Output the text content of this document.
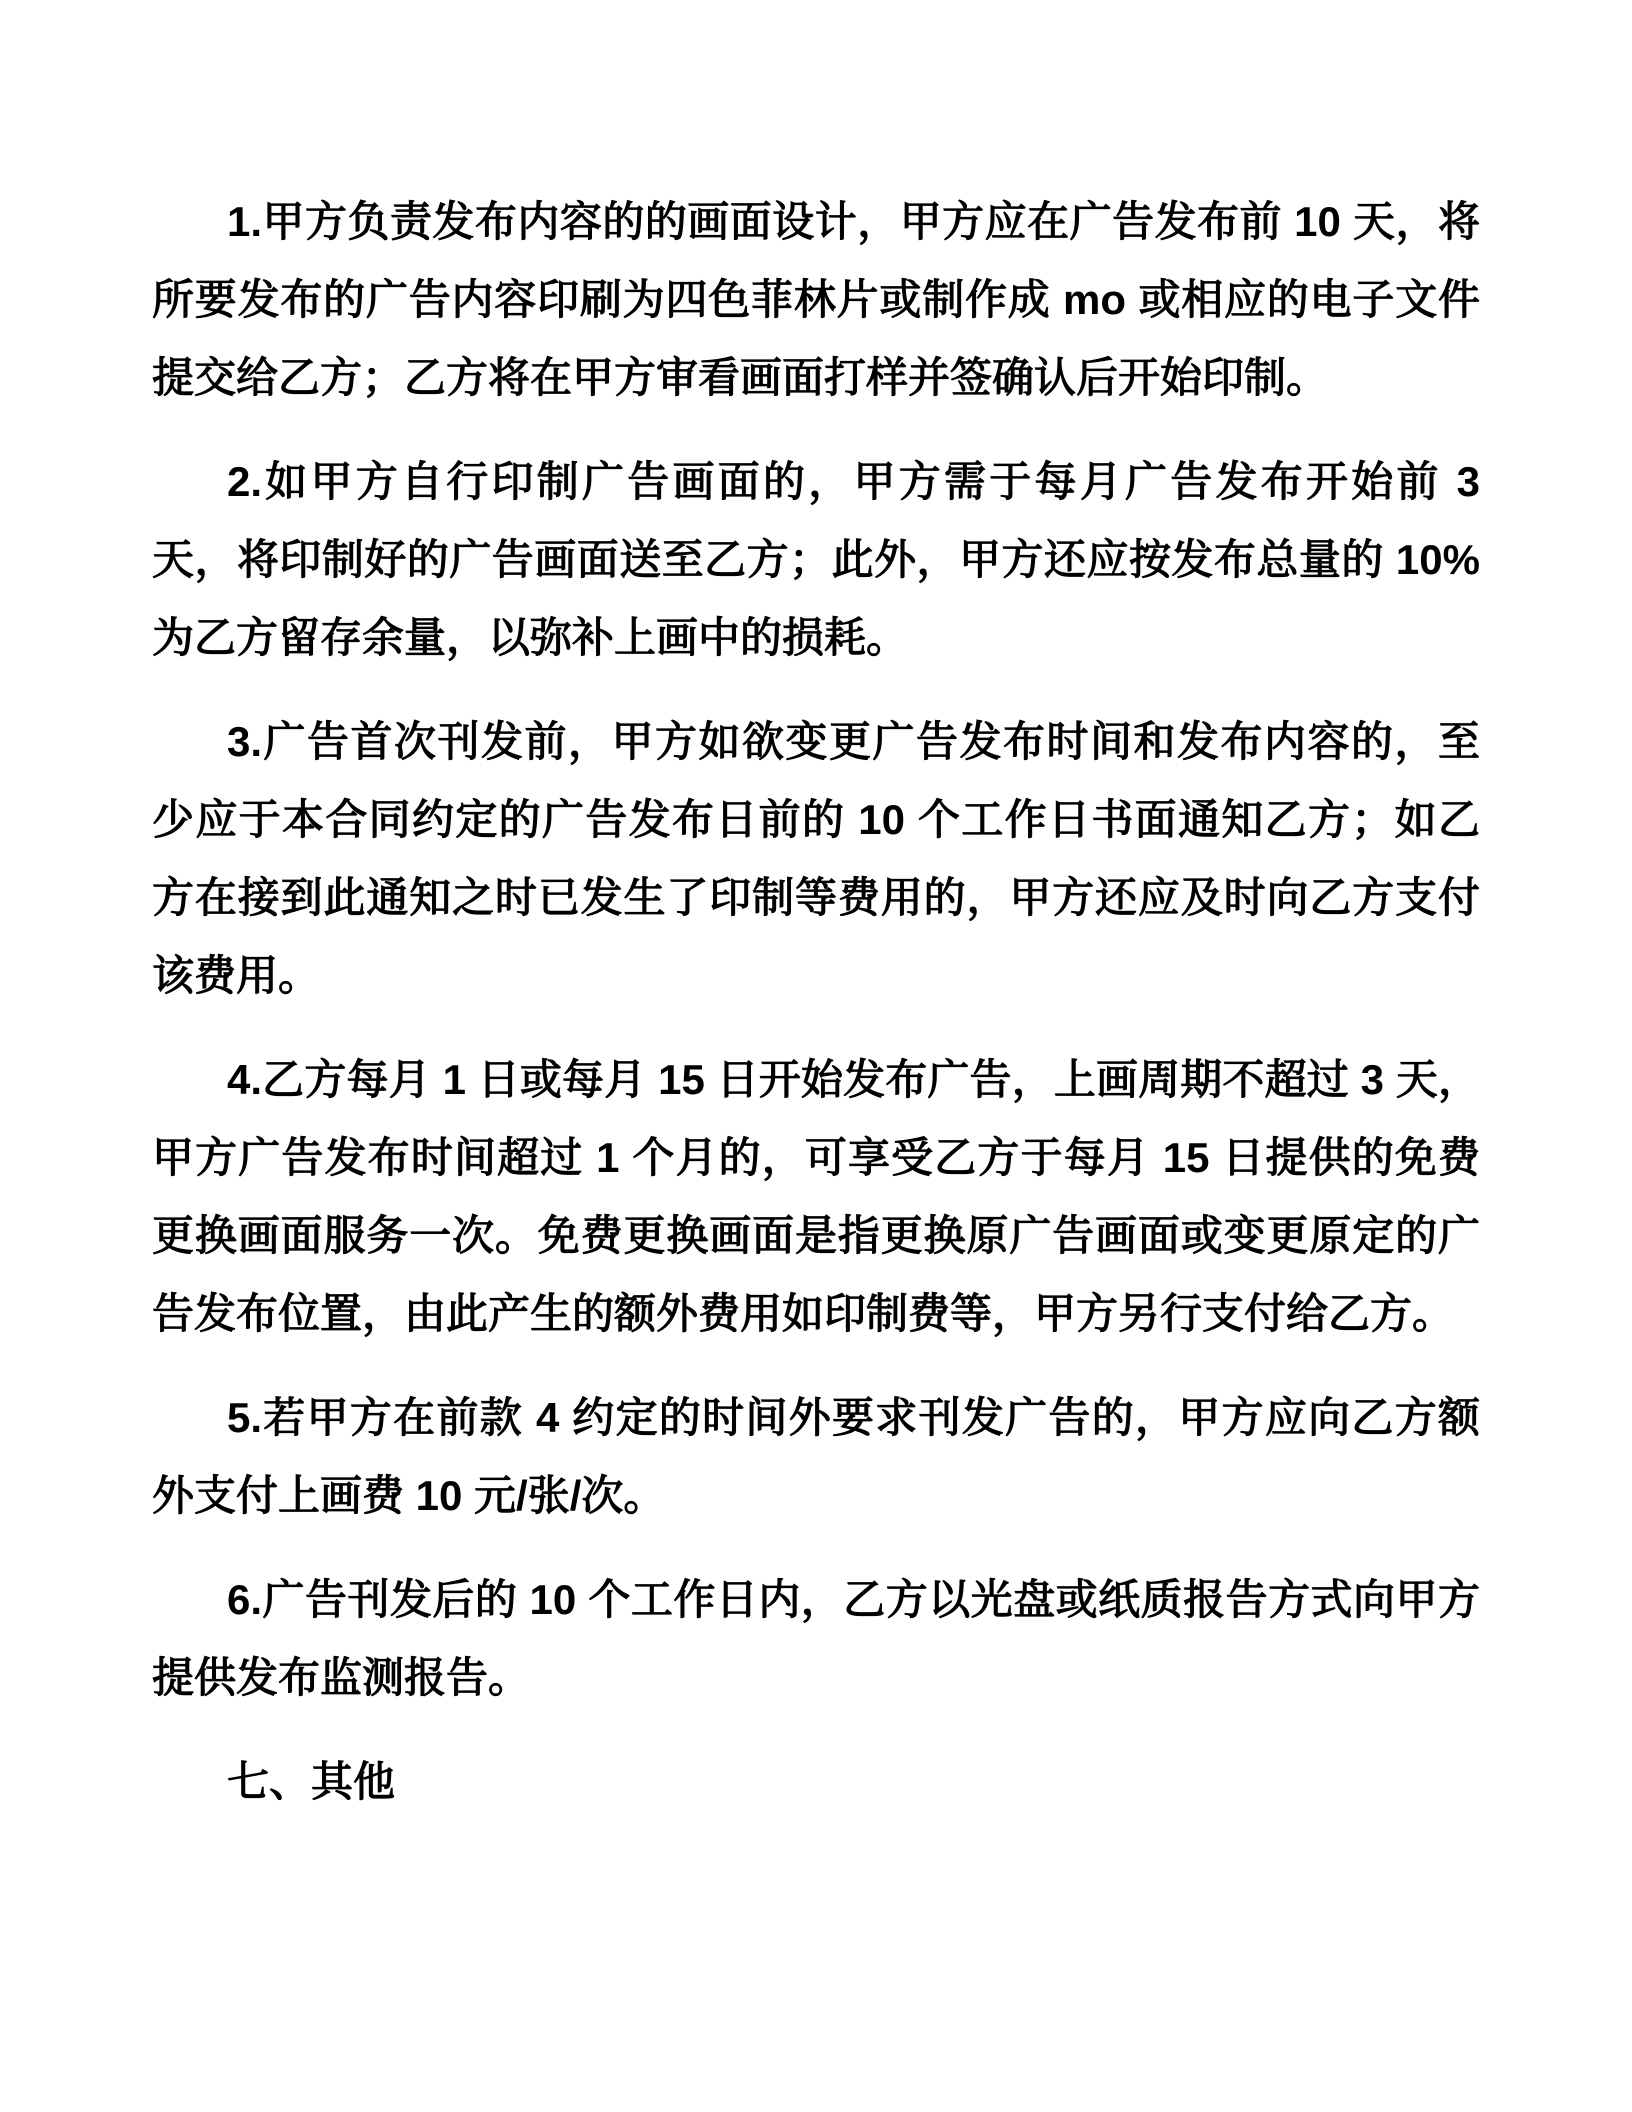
1.甲方负责发布内容的的画面设计，甲方应在广告发布前 10 天，将所要发布的广告内容印刷为四色菲林片或制作成 mo 或相应的电子文件提交给乙方；乙方将在甲方审看画面打样并签确认后开始印制。

2.如甲方自行印制广告画面的，甲方需于每月广告发布开始前 3 天，将印制好的广告画面送至乙方；此外，甲方还应按发布总量的 10%为乙方留存余量，以弥补上画中的损耗。

3.广告首次刊发前，甲方如欲变更广告发布时间和发布内容的，至少应于本合同约定的广告发布日前的 10 个工作日书面通知乙方；如乙方在接到此通知之时已发生了印制等费用的，甲方还应及时向乙方支付该费用。

4.乙方每月 1 日或每月 15 日开始发布广告，上画周期不超过 3 天，甲方广告发布时间超过 1 个月的，可享受乙方于每月 15 日提供的免费更换画面服务一次。免费更换画面是指更换原广告画面或变更原定的广告发布位置，由此产生的额外费用如印制费等，甲方另行支付给乙方。

5.若甲方在前款 4 约定的时间外要求刊发广告的，甲方应向乙方额外支付上画费 10 元/张/次。

6.广告刊发后的 10 个工作日内，乙方以光盘或纸质报告方式向甲方提供发布监测报告。

七、其他
